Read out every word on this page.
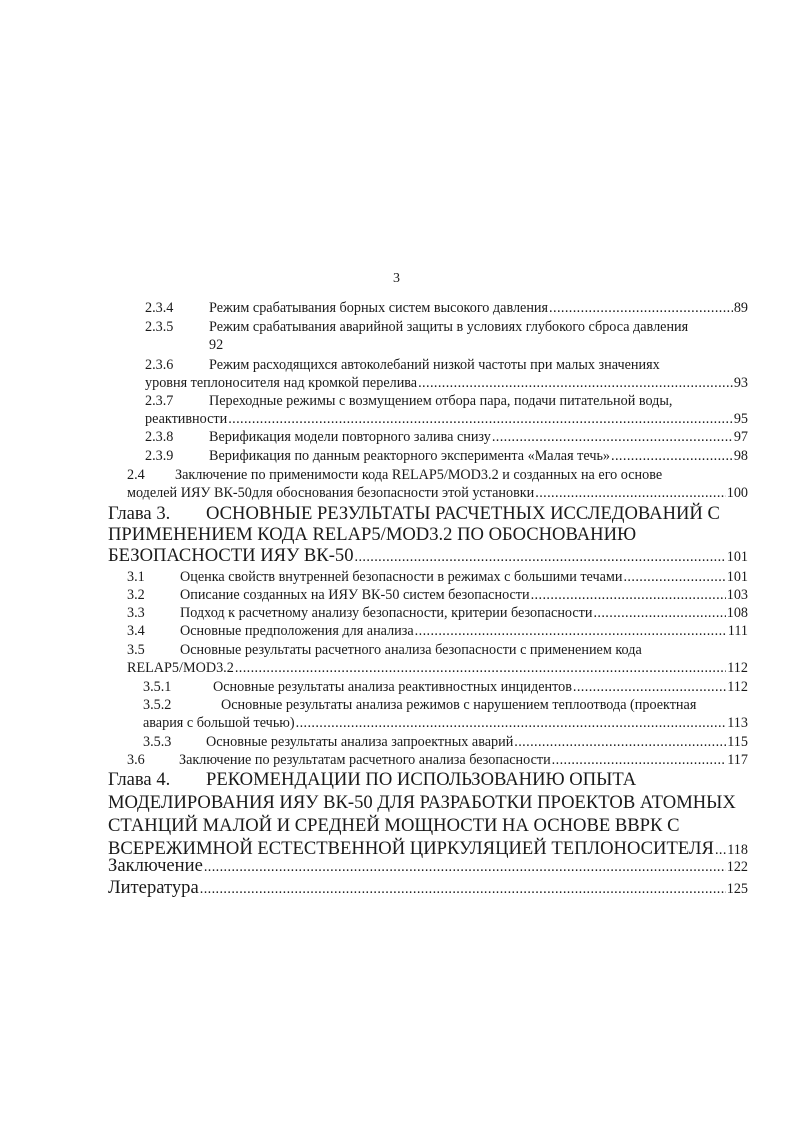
3
2.3.4	Режим срабатывания борных систем высокого давления .....	89
2.3.5	Режим срабатывания аварийной защиты в условиях глубокого сброса давления
92
2.3.6	Режим расходящихся автоколебаний низкой частоты при малых значениях
уровня теплоносителя над кромкой перелива .....	93
2.3.7	Переходные режимы с возмущением отбора пара, подачи питательной воды,
реактивности .....	95
2.3.8	Верификация модели повторного залива снизу .....	97
2.3.9	Верификация по данным реакторного эксперимента «Малая течь» .....	98
2.4	Заключение по применимости кода RELAP5/MOD3.2 и созданных на его основе
моделей ИЯУ ВК-50для обоснования безопасности этой установки .....	100
Глава 3.	ОСНОВНЫЕ РЕЗУЛЬТАТЫ РАСЧЕТНЫХ ИССЛЕДОВАНИЙ С
ПРИМЕНЕНИЕМ КОДА RELAP5/MOD3.2 ПО ОБОСНОВАНИЮ
БЕЗОПАСНОСТИ ИЯУ ВК-50 .....	101
3.1	Оценка свойств внутренней безопасности в режимах с большими течами .....	101
3.2	Описание созданных на ИЯУ ВК-50 систем безопасности .....	103
3.3	Подход к расчетному анализу безопасности, критерии безопасности .....	108
3.4	Основные предположения для анализа .....	111
3.5	Основные результаты расчетного анализа безопасности с применением кода
RELAP5/MOD3.2 .....	112
3.5.1	Основные результаты анализа реактивностных инцидентов .....	112
3.5.2	Основные результаты анализа режимов с нарушением теплоотвода (проектная
авария с большой течью) .....	113
3.5.3	Основные результаты анализа запроектных аварий .....	115
3.6	Заключение по результатам расчетного анализа безопасности .....	117
Глава 4.	РЕКОМЕНДАЦИИ ПО ИСПОЛЬЗОВАНИЮ ОПЫТА
МОДЕЛИРОВАНИЯ ИЯУ ВК-50 ДЛЯ РАЗРАБОТКИ ПРОЕКТОВ АТОМНЫХ
СТАНЦИЙ МАЛОЙ И СРЕДНЕЙ МОЩНОСТИ НА ОСНОВЕ ВВРК С
ВСЕРЕЖИМНОЙ ЕСТЕСТВЕННОЙ ЦИРКУЛЯЦИЕЙ ТЕПЛОНОСИТЕЛЯ ..... 118
Заключение .....	122
Литература .....	125
